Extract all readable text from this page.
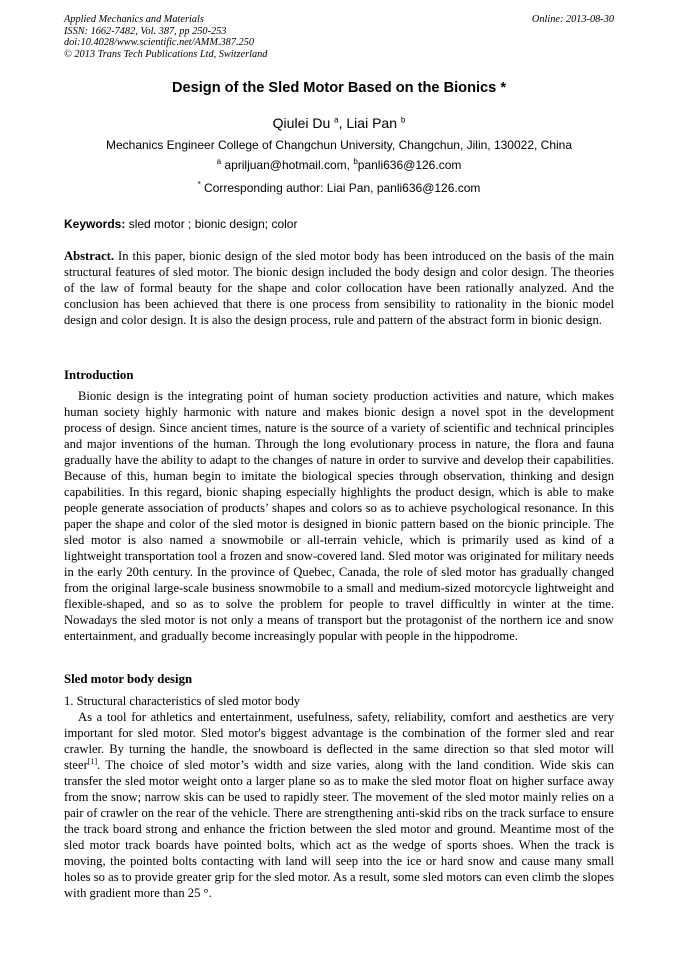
Applied Mechanics and Materials
ISSN: 1662-7482, Vol. 387, pp 250-253
doi:10.4028/www.scientific.net/AMM.387.250
© 2013 Trans Tech Publications Ltd, Switzerland
Online: 2013-08-30
Design of the Sled Motor Based on the Bionics *
Qiulei Du $^a$, Liai Pan $^b$
Mechanics Engineer College of Changchun University, Changchun, Jilin, 130022, China
$^a$ apriljuan@hotmail.com, $^b$panli636@126.com
* Corresponding author: Liai Pan, panli636@126.com
Keywords: sled motor ; bionic design; color

Abstract. In this paper, bionic design of the sled motor body has been introduced on the basis of the main structural features of sled motor. The bionic design included the body design and color design. The theories of the law of formal beauty for the shape and color collocation have been rationally analyzed. And the conclusion has been achieved that there is one process from sensibility to rationality in the bionic model design and color design. It is also the design process, rule and pattern of the abstract form in bionic design.

Introduction

Bionic design is the integrating point of human society production activities and nature, which makes human society highly harmonic with nature and makes bionic design a novel spot in the development process of design. Since ancient times, nature is the source of a variety of scientific and technical principles and major inventions of the human. Through the long evolutionary process in nature, the flora and fauna gradually have the ability to adapt to the changes of nature in order to survive and develop their capabilities. Because of this, human begin to imitate the biological species through observation, thinking and design capabilities. In this regard, bionic shaping especially highlights the product design, which is able to make people generate association of products’ shapes and colors so as to achieve psychological resonance. In this paper the shape and color of the sled motor is designed in bionic pattern based on the bionic principle. The sled motor is also named a snowmobile or all-terrain vehicle, which is primarily used as kind of a lightweight transportation tool a frozen and snow-covered land. Sled motor was originated for military needs in the early 20th century. In the province of Quebec, Canada, the role of sled motor has gradually changed from the original large-scale business snowmobile to a small and medium-sized motorcycle lightweight and flexible-shaped, and so as to solve the problem for people to travel difficultly in winter at the time. Nowadays the sled motor is not only a means of transport but the protagonist of the northern ice and snow entertainment, and gradually become increasingly popular with people in the hippodrome.

Sled motor body design
1. Structural characteristics of sled motor body

As a tool for athletics and entertainment, usefulness, safety, reliability, comfort and aesthetics are very important for sled motor. Sled motor's biggest advantage is the combination of the former sled and rear crawler. By turning the handle, the snowboard is deflected in the same direction so that sled motor will steer[1]. The choice of sled motor’s width and size varies, along with the land condition. Wide skis can transfer the sled motor weight onto a larger plane so as to make the sled motor float on higher surface away from the snow; narrow skis can be used to rapidly steer. The movement of the sled motor mainly relies on a pair of crawler on the rear of the vehicle. There are strengthening anti-skid ribs on the track surface to ensure the track board strong and enhance the friction between the sled motor and ground. Meantime most of the sled motor track boards have pointed bolts, which act as the wedge of sports shoes. When the track is moving, the pointed bolts contacting with land will seep into the ice or hard snow and cause many small holes so as to provide greater grip for the sled motor. As a result, some sled motors can even climb the slopes with gradient more than 25 °.
